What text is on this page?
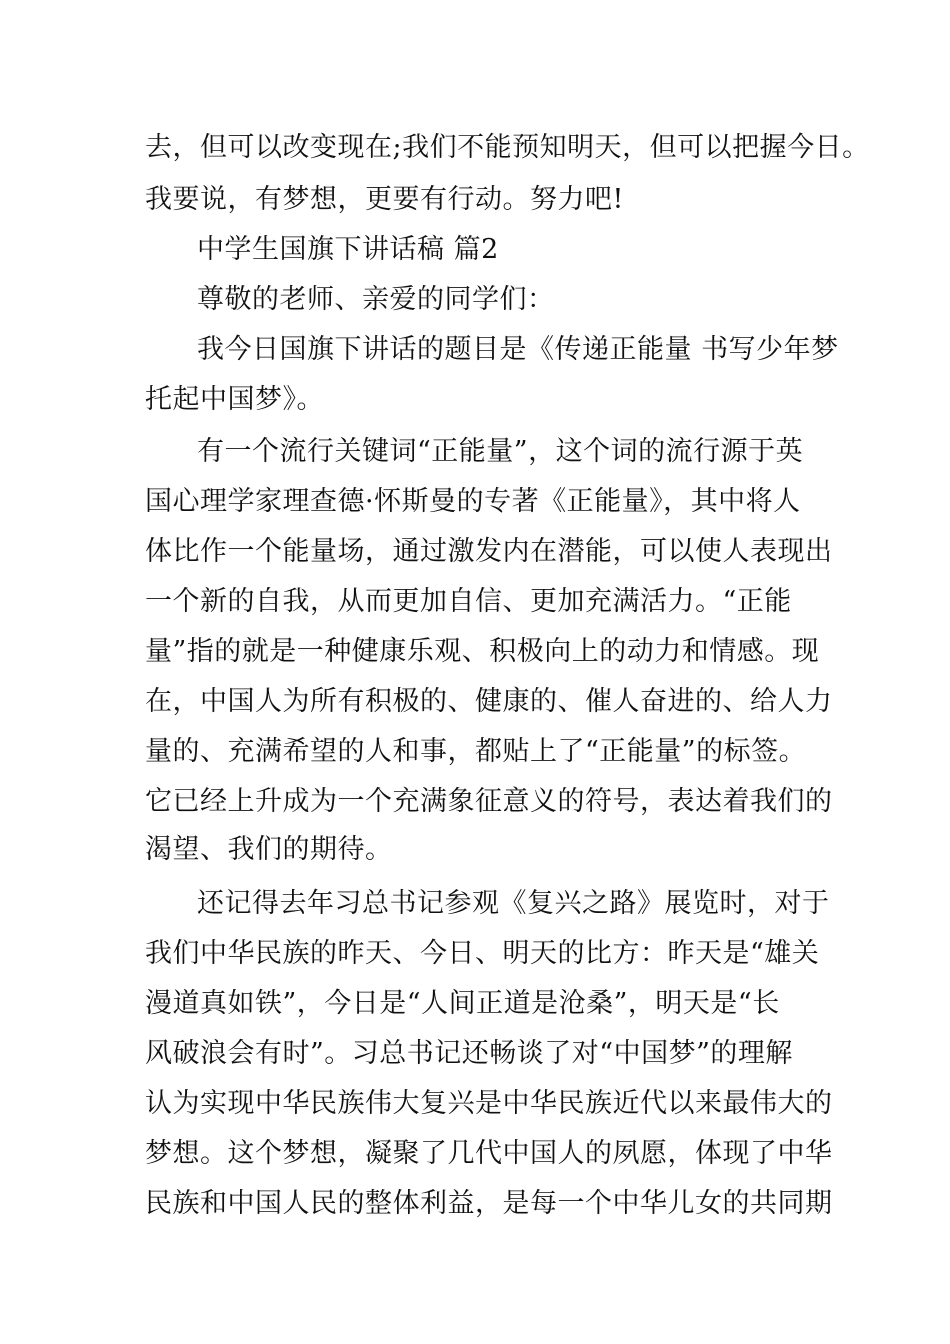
去，但可以改变现在;我们不能预知明天，但可以把握今日。
我要说，有梦想，更要有行动。努力吧!
中学生国旗下讲话稿 篇2
尊敬的老师、亲爱的同学们：
我今日国旗下讲话的题目是《传递正能量 书写少年梦
托起中国梦》。
有一个流行关键词“正能量”，这个词的流行源于英
国心理学家理查德·怀斯曼的专著《正能量》，其中将人
体比作一个能量场，通过激发内在潜能，可以使人表现出
一个新的自我，从而更加自信、更加充满活力。“正能
量”指的就是一种健康乐观、积极向上的动力和情感。现
在，中国人为所有积极的、健康的、催人奋进的、给人力
量的、充满希望的人和事，都贴上了“正能量”的标签。
它已经上升成为一个充满象征意义的符号，表达着我们的
渴望、我们的期待。
还记得去年习总书记参观《复兴之路》展览时，对于
我们中华民族的昨天、今日、明天的比方：昨天是“雄关
漫道真如铁”，今日是“人间正道是沧桑”，明天是“长
风破浪会有时”。习总书记还畅谈了对“中国梦”的理解
认为实现中华民族伟大复兴是中华民族近代以来最伟大的
梦想。这个梦想，凝聚了几代中国人的夙愿，体现了中华
民族和中国人民的整体利益，是每一个中华儿女的共同期
